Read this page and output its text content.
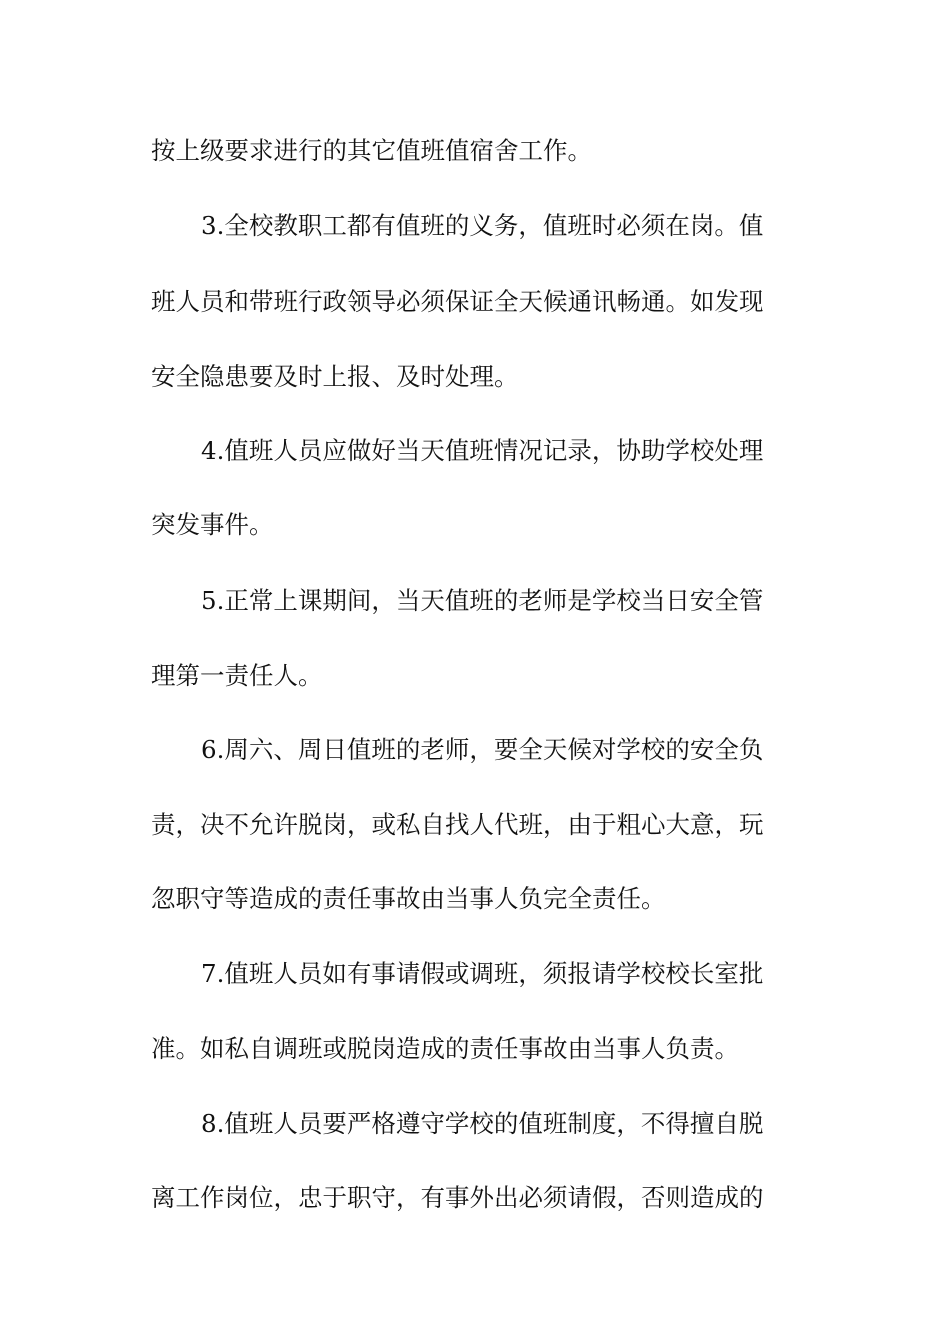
按上级要求进行的其它值班值宿舍工作。
3.全校教职工都有值班的义务，值班时必须在岗。值
班人员和带班行政领导必须保证全天候通讯畅通。如发现
安全隐患要及时上报、及时处理。
4.值班人员应做好当天值班情况记录，协助学校处理
突发事件。
5.正常上课期间，当天值班的老师是学校当日安全管
理第一责任人。
6.周六、周日值班的老师，要全天候对学校的安全负
责，决不允许脱岗，或私自找人代班，由于粗心大意，玩
忽职守等造成的责任事故由当事人负完全责任。
7.值班人员如有事请假或调班，须报请学校校长室批
准。如私自调班或脱岗造成的责任事故由当事人负责。
8.值班人员要严格遵守学校的值班制度，不得擅自脱
离工作岗位，忠于职守，有事外出必须请假，否则造成的
